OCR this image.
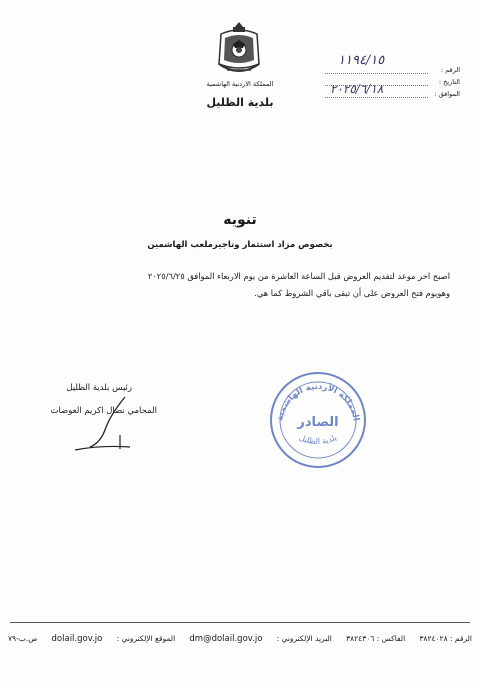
المملكة الاردنية الهاشمية
بلدية الظليل
الرقم :
التاريخ :
الموافق :
١١٩٤/١٥
٢٠٢٥/٦/١٨
تنويه
بخصوص مزاد استثمار وتاجيرملعب الهاشمين
اصبح اخر موعد لتقديم العروض قبل الساعة العاشرة من يوم الاربعاء الموافق ٢٠٢٥/٦/٢٥
وهويوم فتح العروض على أن تبقى باقي الشروط كما هي.
رئيس بلدية الظليل
المحامي نضال اكريم العوضات
المملكة الأردنية الهاشمية
الصادر
بلدية الظليل
الرقم : ٣٨٢٤٠٢٨
الفاكس : ٣٨٢٤٣٠٦
البريد الإلكتروني :
dm@dolail.gov.jo
الموقع الإلكتروني :
dolail.gov.jo
ص.ب-٧٩
